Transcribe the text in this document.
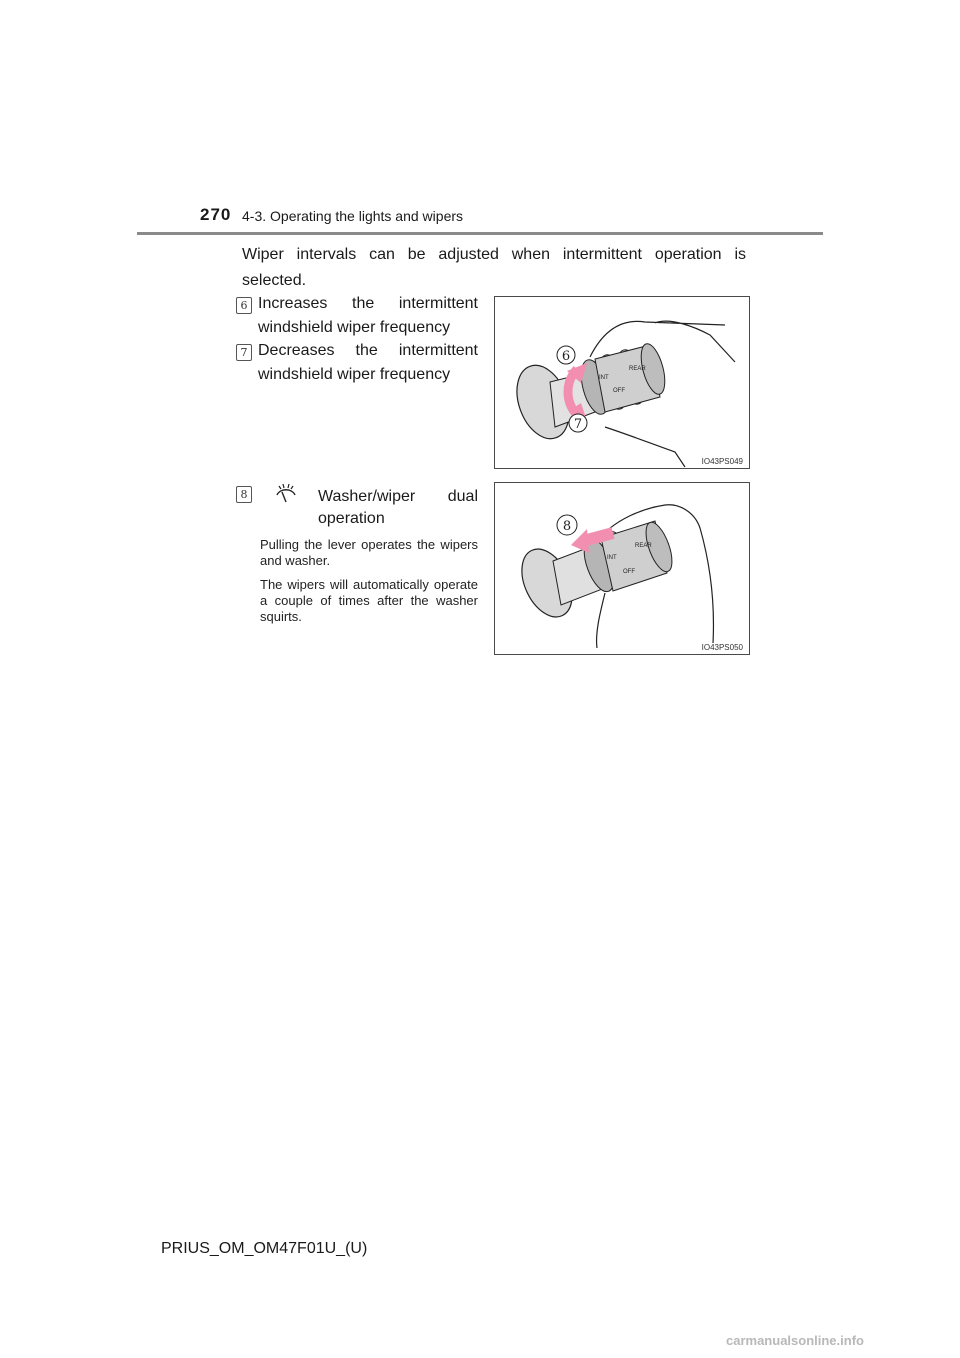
270 4-3. Operating the lights and wipers
Wiper intervals can be adjusted when intermittent operation is
selected.
6 Increases the intermittent
windshield wiper frequency
7 Decreases the intermittent
windshield wiper frequency	INT
OFF
REAR
6
7
IO43PS049
8	Washer/wiper dual
operation
Pulling the lever operates the wipers and washer.
The wipers will automatically operate a couple of times after the washer squirts.
INT
OFF
REAR
8
IO43PS050
PRIUS_OM_OM47F01U_(U)
carmanualsonline.info
